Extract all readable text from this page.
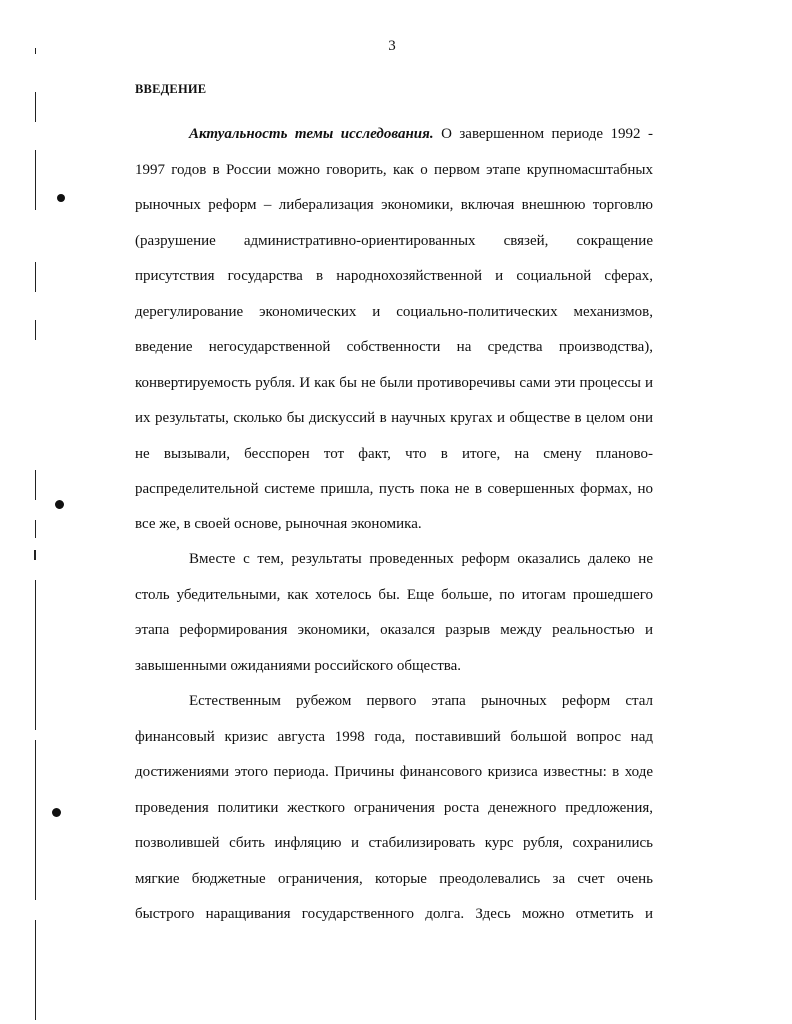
3
ВВЕДЕНИЕ
Актуальность темы исследования. О завершенном периоде 1992 -
1997 годов в России можно говорить, как о первом этапе крупномасштабных
рыночных реформ – либерализация экономики, включая внешнюю торговлю
(разрушение административно-ориентированных связей, сокращение
присутствия государства в народнохозяйственной и социальной сферах,
дерегулирование экономических и социально-политических механизмов,
введение негосударственной собственности на средства производства),
конвертируемость рубля. И как бы не были противоречивы сами эти процессы и
их результаты, сколько бы дискуссий в научных кругах и обществе в целом они
не вызывали, бесспорен тот факт, что в итоге, на смену планово-
распределительной системе пришла, пусть пока не в совершенных формах, но
все же, в своей основе, рыночная экономика.
Вместе с тем, результаты проведенных реформ оказались далеко не
столь убедительными, как хотелось бы. Еще больше, по итогам прошедшего
этапа реформирования экономики, оказался разрыв между реальностью и
завышенными ожиданиями российского общества.
Естественным рубежом первого этапа рыночных реформ стал
финансовый кризис августа 1998 года, поставивший большой вопрос над
достижениями этого периода. Причины финансового кризиса известны: в ходе
проведения политики жесткого ограничения роста денежного предложения,
позволившей сбить инфляцию и стабилизировать курс рубля, сохранились
мягкие бюджетные ограничения, которые преодолевались за счет очень
быстрого наращивания государственного долга. Здесь можно отметить и
